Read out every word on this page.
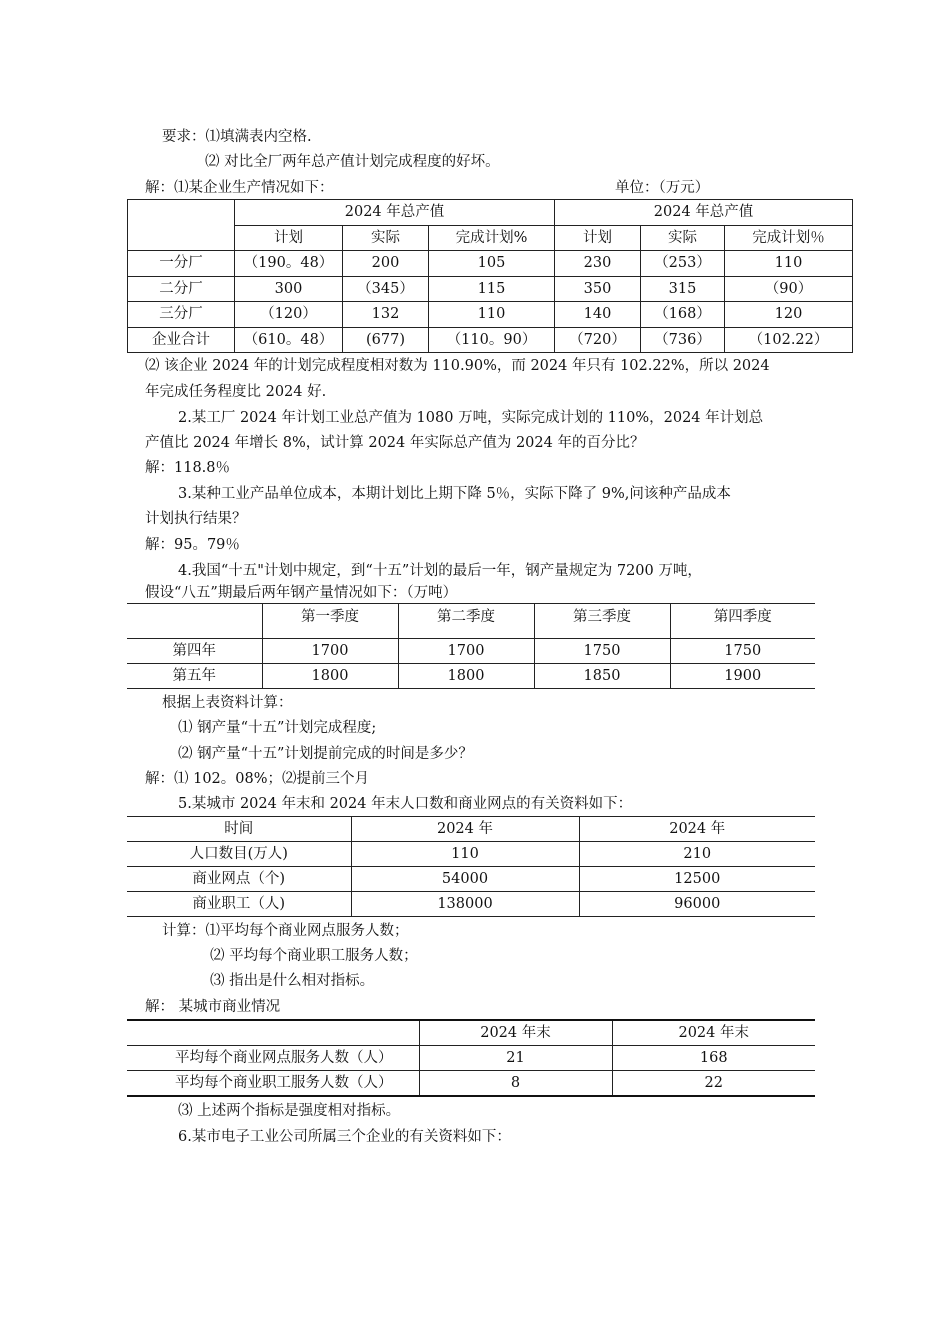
要求：⑴填满表内空格.
⑵ 对比全厂两年总产值计划完成程度的好坏。
解：⑴某企业生产情况如下：	单位：（万元）
	2024 年总产值			2024 年总产值		
	计划	实际	完成计划%	计划	实际	完成计划％
一分厂	（190。48）	200	105	230	（253）	110
二分厂	300	（345）	115	350	315	（90）
三分厂	（120）	132	110	140	（168）	120
企业合计	（610。48）	(677)	（110。90）	（720）	（736）	（102.22）
⑵ 该企业 2024 年的计划完成程度相对数为 110.90%，而 2024 年只有 102.22%，所以 2024
年完成任务程度比 2024 好.
2.某工厂 2024 年计划工业总产值为 1080 万吨，实际完成计划的 110%，2024 年计划总
产值比 2024 年增长 8%，试计算 2024 年实际总产值为 2024 年的百分比？
解：118.8％
3.某种工业产品单位成本，本期计划比上期下降 5％，实际下降了 9%,问该种产品成本
计划执行结果？
解：95。79％
4.我国“十五"计划中规定，到“十五”计划的最后一年，钢产量规定为 7200 万吨，
假设“八五”期最后两年钢产量情况如下：（万吨）
	第一季度	第二季度	第三季度	第四季度
第四年	1700	1700	1750	1750
第五年	1800	1800	1850	1900
根据上表资料计算：
⑴ 钢产量“十五”计划完成程度;
⑵ 钢产量“十五”计划提前完成的时间是多少？
解：⑴ 102。08%；⑵提前三个月
5.某城市 2024 年末和 2024 年末人口数和商业网点的有关资料如下：
时间	2024 年	2024 年
人口数目(万人)	110	210
商业网点（个)	54000	12500
商业职工（人)	138000	96000
计算：⑴平均每个商业网点服务人数；
⑵ 平均每个商业职工服务人数；
⑶ 指出是什么相对指标。
解： 某城市商业情况
	2024 年末	2024 年末
平均每个商业网点服务人数（人）	21	168
平均每个商业职工服务人数（人）	8	22
⑶ 上述两个指标是强度相对指标。
6.某市电子工业公司所属三个企业的有关资料如下：
